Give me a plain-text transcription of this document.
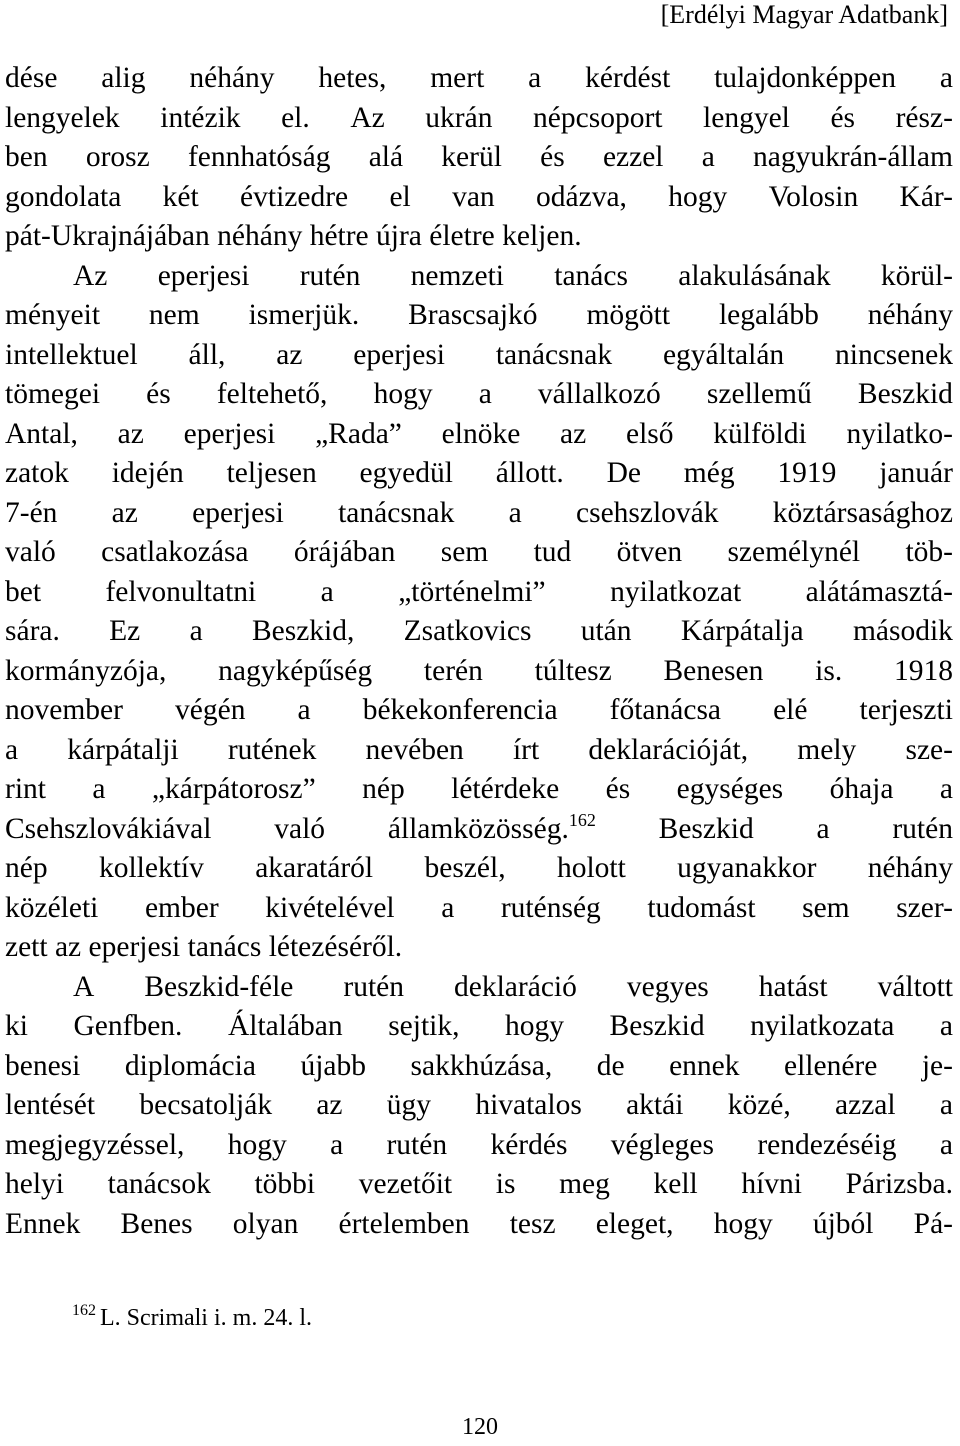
[Erdélyi Magyar Adatbank]
dése alig néhány hetes, mert a kérdést tulajdonképpen a
lengyelek intézik el. Az ukrán népcsoport lengyel és rész-
ben orosz fennhatóság alá kerül és ezzel a nagyukrán-állam
gondolata két évtizedre el van odázva, hogy Volosin Kár-
pát-Ukrajnájában néhány hétre újra életre keljen.
Az eperjesi rutén nemzeti tanács alakulásának körül-
ményeit nem ismerjük. Brascsajkó mögött legalább néhány
intellektuel áll, az eperjesi tanácsnak egyáltalán nincsenek
tömegei és feltehető, hogy a vállalkozó szellemű Beszkid
Antal, az eperjesi „Rada” elnöke az első külföldi nyilatko-
zatok idején teljesen egyedül állott. De még 1919 január
7-én az eperjesi tanácsnak a csehszlovák köztársasághoz
való csatlakozása órájában sem tud ötven személynél töb-
bet felvonultatni a „történelmi” nyilatkozat alátámasztá-
sára. Ez a Beszkid, Zsatkovics után Kárpátalja második
kormányzója, nagyképűség terén túltesz Benesen is. 1918
november végén a békekonferencia főtanácsa elé terjeszti
a kárpátalji rutének nevében írt deklarációját, mely sze-
rint a „kárpátorosz” nép létérdeke és egységes óhaja a
Csehszlovákiával való államközösség.$^{162}$ Beszkid a rutén
nép kollektív akaratáról beszél, holott ugyanakkor néhány
közéleti ember kivételével a ruténség tudomást sem szer-
zett az eperjesi tanács létezéséről.
A Beszkid-féle rutén deklaráció vegyes hatást váltott
ki Genfben. Általában sejtik, hogy Beszkid nyilatkozata a
benesi diplomácia újabb sakkhúzása, de ennek ellenére je-
lentését becsatolják az ügy hivatalos aktái közé, azzal a
megjegyzéssel, hogy a rutén kérdés végleges rendezéséig a
helyi tanácsok többi vezetőit is meg kell hívni Párizsba.
Ennek Benes olyan értelemben tesz eleget, hogy újból Pá-
$^{162}$ L. Scrimali i. m. 24. l.
120
